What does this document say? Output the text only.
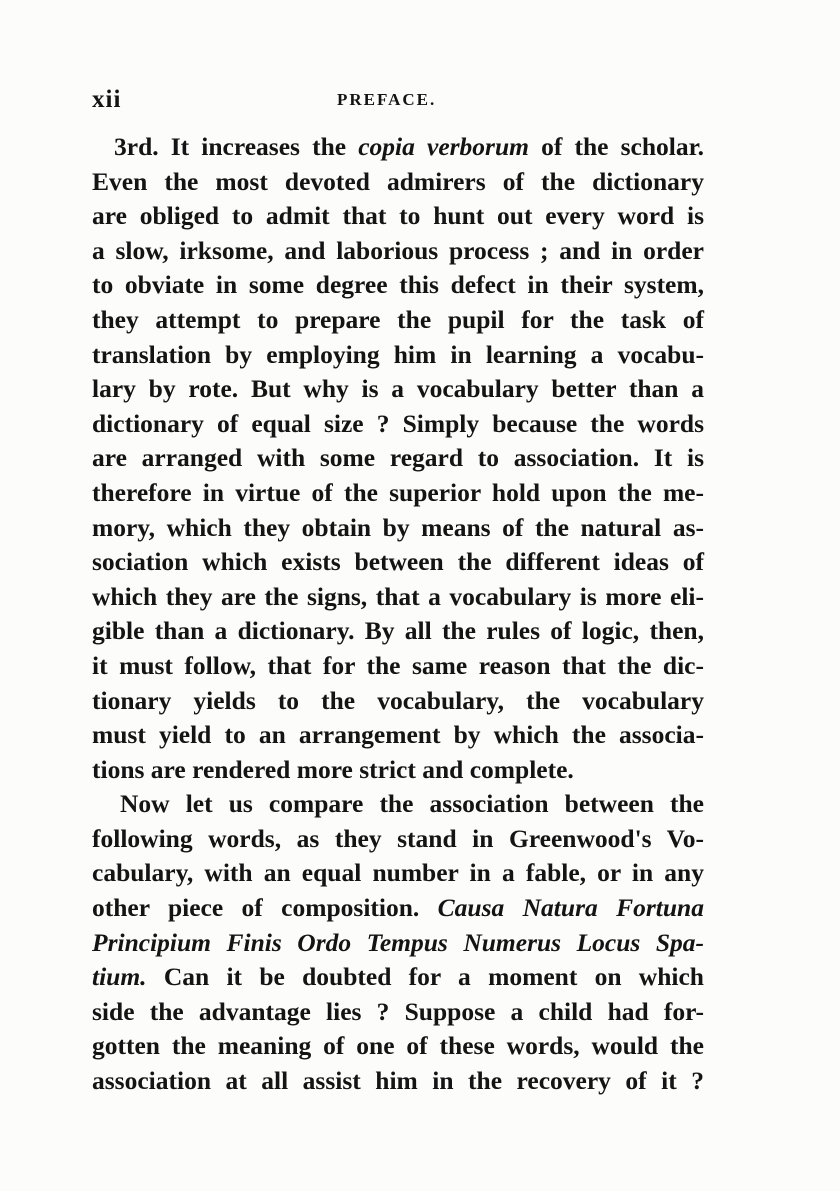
xii	PREFACE.
3rd. It increases the copia verborum of the scholar.
Even the most devoted admirers of the dictionary
are obliged to admit that to hunt out every word is
a slow, irksome, and laborious process ; and in order
to obviate in some degree this defect in their system,
they attempt to prepare the pupil for the task of
translation by employing him in learning a vocabu-
lary by rote. But why is a vocabulary better than a
dictionary of equal size ? Simply because the words
are arranged with some regard to association. It is
therefore in virtue of the superior hold upon the me-
mory, which they obtain by means of the natural as-
sociation which exists between the different ideas of
which they are the signs, that a vocabulary is more eli-
gible than a dictionary. By all the rules of logic, then,
it must follow, that for the same reason that the dic-
tionary yields to the vocabulary, the vocabulary
must yield to an arrangement by which the associa-
tions are rendered more strict and complete.
Now let us compare the association between the
following words, as they stand in Greenwood's Vo-
cabulary, with an equal number in a fable, or in any
other piece of composition. Causa Natura Fortuna
Principium Finis Ordo Tempus Numerus Locus Spa-
tium. Can it be doubted for a moment on which
side the advantage lies ? Suppose a child had for-
gotten the meaning of one of these words, would the
association at all assist him in the recovery of it ?
